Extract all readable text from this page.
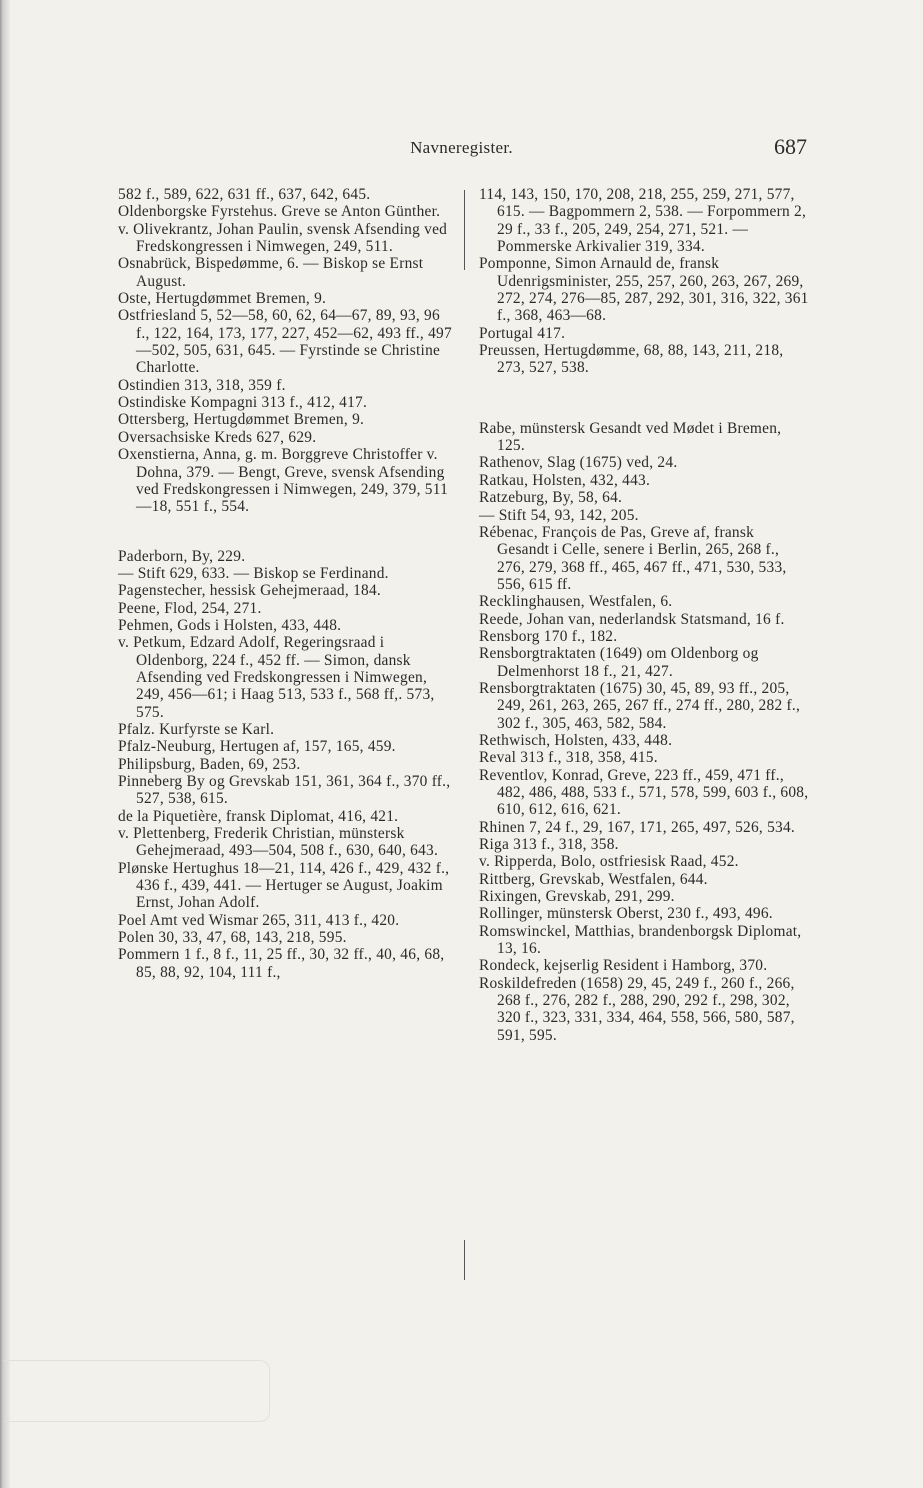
Navneregister.	687
582 f., 589, 622, 631 ff., 637, 642, 645.
Oldenborgske Fyrstehus. Greve se Anton Günther.
v. Olivekrantz, Johan Paulin, svensk Afsending ved Fredskongressen i Nimwegen, 249, 511.
Osnabrück, Bispedømme, 6. — Biskop se Ernst August.
Oste, Hertugdømmet Bremen, 9.
Ostfriesland 5, 52—58, 60, 62, 64—67, 89, 93, 96 f., 122, 164, 173, 177, 227, 452—62, 493 ff., 497—502, 505, 631, 645. — Fyrstinde se Christine Charlotte.
Ostindien 313, 318, 359 f.
Ostindiske Kompagni 313 f., 412, 417.
Ottersberg, Hertugdømmet Bremen, 9.
Oversachsiske Kreds 627, 629.
Oxenstierna, Anna, g. m. Borggreve Christoffer v. Dohna, 379. — Bengt, Greve, svensk Afsending ved Fredskongressen i Nimwegen, 249, 379, 511—18, 551 f., 554.
Paderborn, By, 229.
— Stift 629, 633. — Biskop se Ferdinand.
Pagenstecher, hessisk Gehejmeraad, 184.
Peene, Flod, 254, 271.
Pehmen, Gods i Holsten, 433, 448.
v. Petkum, Edzard Adolf, Regeringsraad i Oldenborg, 224 f., 452 ff. — Simon, dansk Afsending ved Fredskongressen i Nimwegen, 249, 456—61; i Haag 513, 533 f., 568 ff,. 573, 575.
Pfalz. Kurfyrste se Karl.
Pfalz-Neuburg, Hertugen af, 157, 165, 459.
Philipsburg, Baden, 69, 253.
Pinneberg By og Grevskab 151, 361, 364 f., 370 ff., 527, 538, 615.
de la Piquetière, fransk Diplomat, 416, 421.
v. Plettenberg, Frederik Christian, münstersk Gehejmeraad, 493—504, 508 f., 630, 640, 643.
Plønske Hertughus 18—21, 114, 426 f., 429, 432 f., 436 f., 439, 441. — Hertuger se August, Joakim Ernst, Johan Adolf.
Poel Amt ved Wismar 265, 311, 413 f., 420.
Polen 30, 33, 47, 68, 143, 218, 595.
Pommern 1 f., 8 f., 11, 25 ff., 30, 32 ff., 40, 46, 68, 85, 88, 92, 104, 111 f.,
114, 143, 150, 170, 208, 218, 255, 259, 271, 577, 615. — Bagpommern 2, 538. — Forpommern 2, 29 f., 33 f., 205, 249, 254, 271, 521. — Pommerske Arkivalier 319, 334.
Pomponne, Simon Arnauld de, fransk Udenrigsminister, 255, 257, 260, 263, 267, 269, 272, 274, 276—85, 287, 292, 301, 316, 322, 361 f., 368, 463—68.
Portugal 417.
Preussen, Hertugdømme, 68, 88, 143, 211, 218, 273, 527, 538.
Rabe, münstersk Gesandt ved Mødet i Bremen, 125.
Rathenov, Slag (1675) ved, 24.
Ratkau, Holsten, 432, 443.
Ratzeburg, By, 58, 64.
— Stift 54, 93, 142, 205.
Rébenac, François de Pas, Greve af, fransk Gesandt i Celle, senere i Berlin, 265, 268 f., 276, 279, 368 ff., 465, 467 ff., 471, 530, 533, 556, 615 ff.
Recklinghausen, Westfalen, 6.
Reede, Johan van, nederlandsk Statsmand, 16 f.
Rensborg 170 f., 182.
Rensborgtraktaten (1649) om Oldenborg og Delmenhorst 18 f., 21, 427.
Rensborgtraktaten (1675) 30, 45, 89, 93 ff., 205, 249, 261, 263, 265, 267 ff., 274 ff., 280, 282 f., 302 f., 305, 463, 582, 584.
Rethwisch, Holsten, 433, 448.
Reval 313 f., 318, 358, 415.
Reventlov, Konrad, Greve, 223 ff., 459, 471 ff., 482, 486, 488, 533 f., 571, 578, 599, 603 f., 608, 610, 612, 616, 621.
Rhinen 7, 24 f., 29, 167, 171, 265, 497, 526, 534.
Riga 313 f., 318, 358.
v. Ripperda, Bolo, ostfriesisk Raad, 452.
Rittberg, Grevskab, Westfalen, 644.
Rixingen, Grevskab, 291, 299.
Rollinger, münstersk Oberst, 230 f., 493, 496.
Romswinckel, Matthias, brandenborgsk Diplomat, 13, 16.
Rondeck, kejserlig Resident i Hamborg, 370.
Roskildefreden (1658) 29, 45, 249 f., 260 f., 266, 268 f., 276, 282 f., 288, 290, 292 f., 298, 302, 320 f., 323, 331, 334, 464, 558, 566, 580, 587, 591, 595.
